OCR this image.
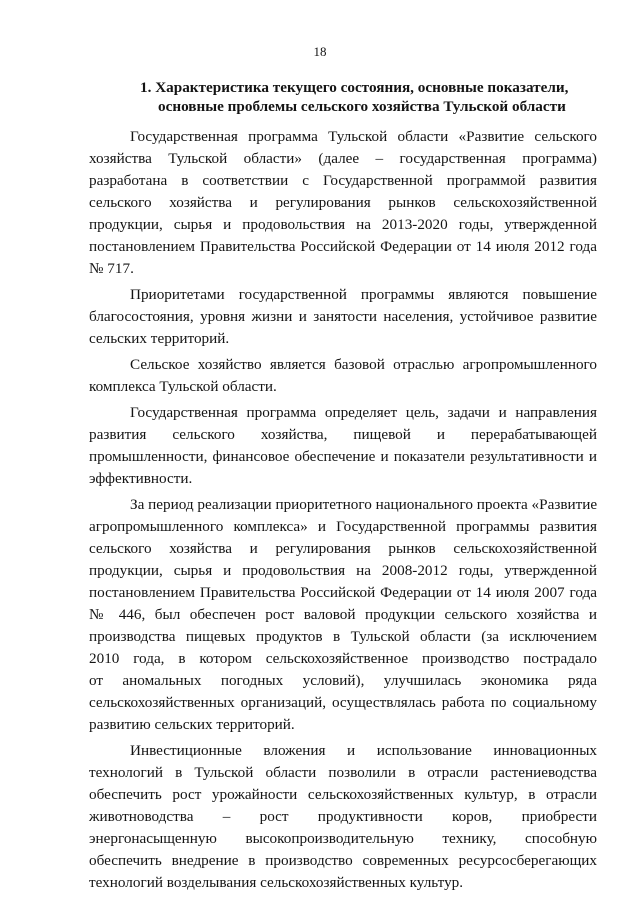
18
1. Характеристика текущего состояния, основные показатели,
основные проблемы сельского хозяйства Тульской области
Государственная программа Тульской области «Развитие сельского
хозяйства Тульской области» (далее – государственная программа)
разработана в соответствии с Государственной программой развития
сельского хозяйства и регулирования рынков сельскохозяйственной
продукции, сырья и продовольствия на 2013-2020 годы, утвержденной
постановлением Правительства Российской Федерации от 14 июля 2012 года
№ 717.
Приоритетами государственной программы являются повышение
благосостояния, уровня жизни и занятости населения, устойчивое развитие
сельских территорий.
Сельское хозяйство является базовой отраслью агропромышленного
комплекса Тульской области.
Государственная программа определяет цель, задачи и направления
развития сельского хозяйства, пищевой и перерабатывающей
промышленности, финансовое обеспечение и показатели результативности и
эффективности.
За период реализации приоритетного национального проекта «Развитие
агропромышленного комплекса» и Государственной программы развития
сельского хозяйства и регулирования рынков сельскохозяйственной
продукции, сырья и продовольствия на 2008-2012 годы, утвержденной
постановлением Правительства Российской Федерации от 14 июля 2007 года
№ 446, был обеспечен рост валовой продукции сельского хозяйства и
производства пищевых продуктов в Тульской области (за исключением
2010 года, в котором сельскохозяйственное производство пострадало
от аномальных погодных условий), улучшилась экономика ряда
сельскохозяйственных организаций, осуществлялась работа по социальному
развитию сельских территорий.
Инвестиционные вложения и использование инновационных
технологий в Тульской области позволили в отрасли растениеводства
обеспечить рост урожайности сельскохозяйственных культур, в отрасли
животноводства – рост продуктивности коров, приобрести
энергонасыщенную высокопроизводительную технику, способную
обеспечить внедрение в производство современных ресурсосберегающих
технологий возделывания сельскохозяйственных культур.
